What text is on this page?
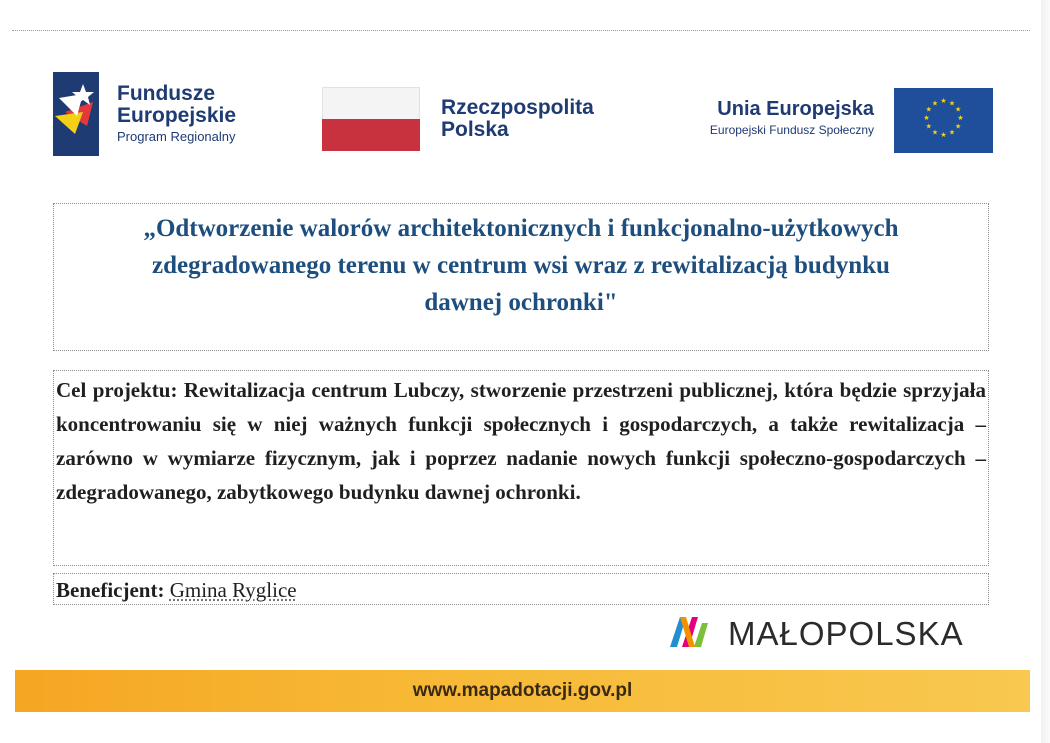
Fundusze
Europejskie
Program Regionalny
Rzeczpospolita
Polska
Unia Europejska
Europejski Fundusz Społeczny
★ ★
★
★
★
★
★
★
★
★
★
★
„Odtworzenie walorów architektonicznych i funkcjonalno-użytkowych
zdegradowanego terenu w centrum wsi wraz z rewitalizacją budynku
dawnej ochronki"
Cel projektu: Rewitalizacja centrum Lubczy, stworzenie przestrzeni publicznej, która będzie sprzyjała koncentrowaniu się w niej ważnych funkcji społecznych i gospodarczych, a także rewitalizacja – zarówno w wymiarze fizycznym, jak i poprzez nadanie nowych funkcji społeczno-gospodarczych – zdegradowanego, zabytkowego budynku dawnej ochronki.
Beneficjent: Gmina Ryglice
MAŁOPOLSKA
www.mapadotacji.gov.pl
